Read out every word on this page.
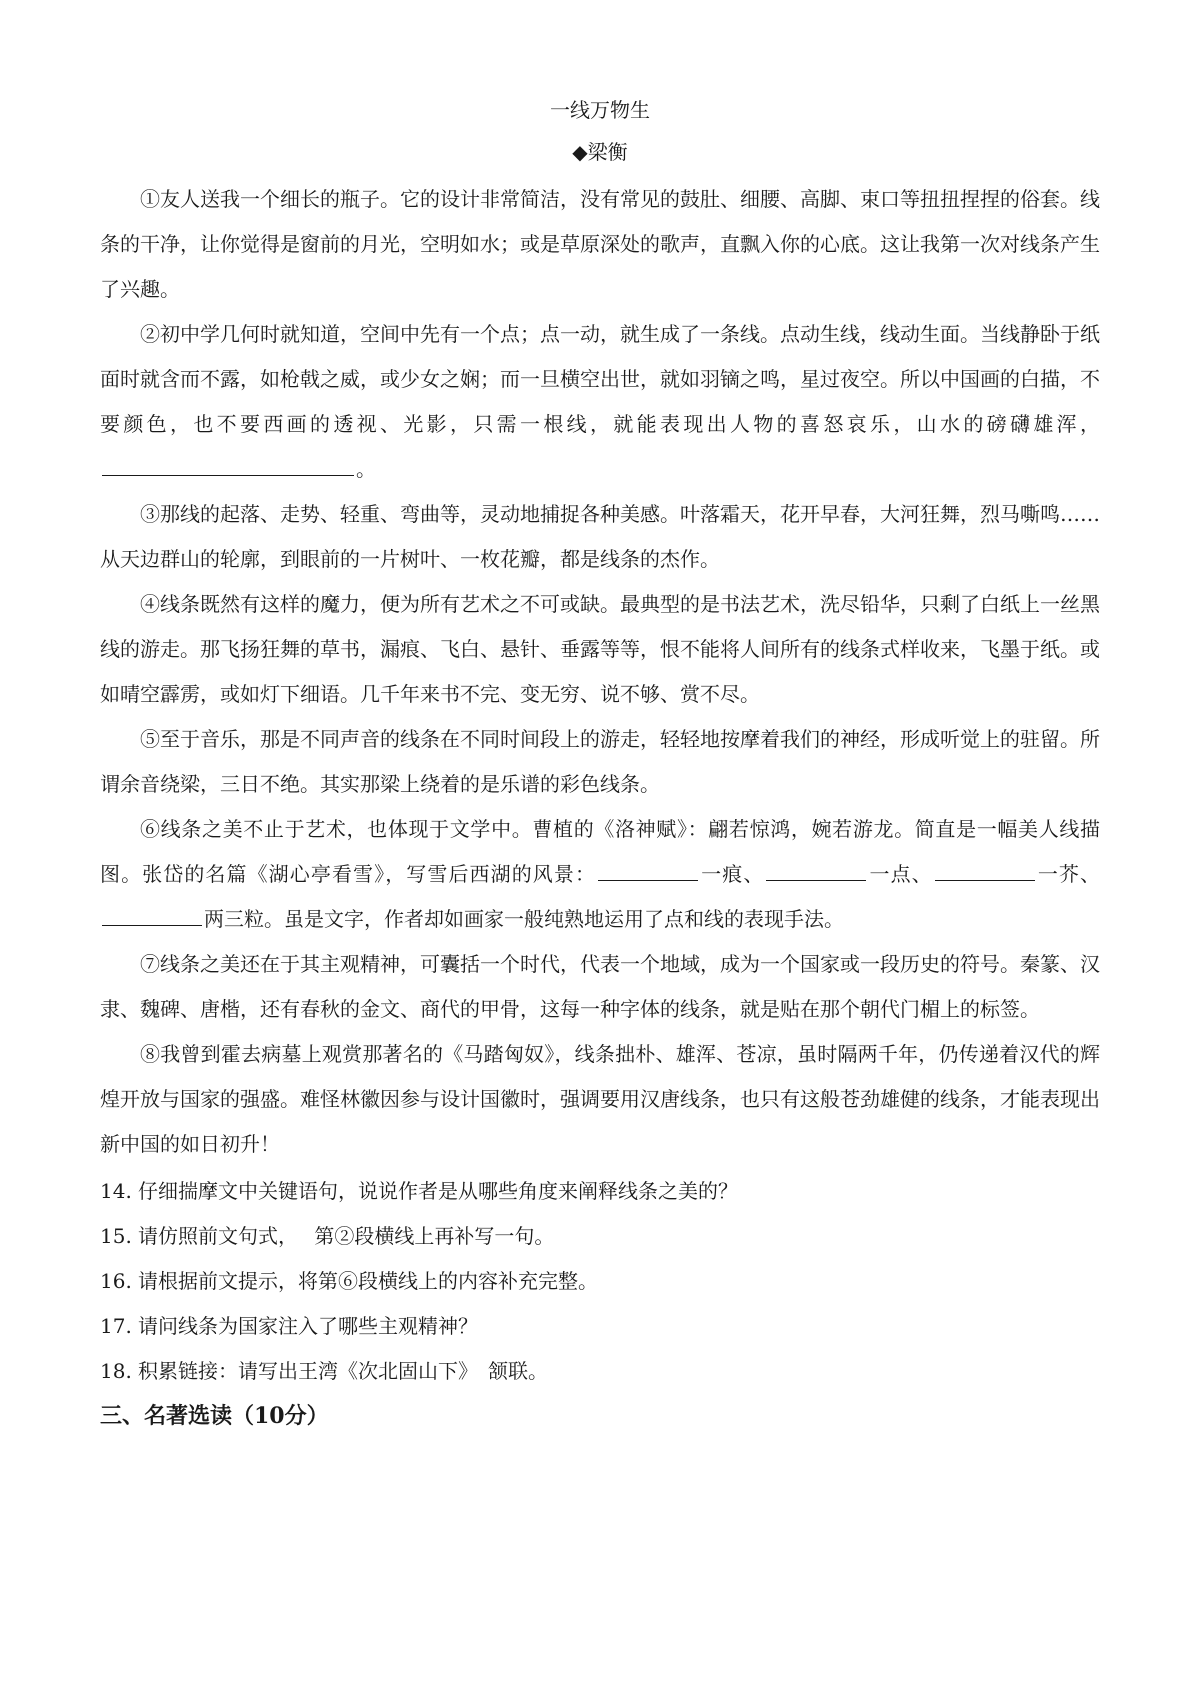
一线万物生
◆梁衡

①友人送我一个细长的瓶子。它的设计非常简洁，没有常见的鼓肚、细腰、高脚、束口等扭扭捏捏的俗套。线条的干净，让你觉得是窗前的月光，空明如水；或是草原深处的歌声，直飘入你的心底。这让我第一次对线条产生了兴趣。

②初中学几何时就知道，空间中先有一个点；点一动，就生成了一条线。点动生线，线动生面。当线静卧于纸面时就含而不露，如枪戟之威，或少女之娴；而一旦横空出世，就如羽镝之鸣，星过夜空。所以中国画的白描，不要颜色，也不要西画的透视、光影，只需一根线，就能表现出人物的喜怒哀乐，山水的磅礴雄浑，。

③那线的起落、走势、轻重、弯曲等，灵动地捕捉各种美感。叶落霜天，花开早春，大河狂舞，烈马嘶鸣……从天边群山的轮廓，到眼前的一片树叶、一枚花瓣，都是线条的杰作。

④线条既然有这样的魔力，便为所有艺术之不可或缺。最典型的是书法艺术，洗尽铅华，只剩了白纸上一丝黑线的游走。那飞扬狂舞的草书，漏痕、飞白、悬针、垂露等等，恨不能将人间所有的线条式样收来，飞墨于纸。或如晴空霹雳，或如灯下细语。几千年来书不完、变无穷、说不够、赏不尽。

⑤至于音乐，那是不同声音的线条在不同时间段上的游走，轻轻地按摩着我们的神经，形成听觉上的驻留。所谓余音绕梁，三日不绝。其实那梁上绕着的是乐谱的彩色线条。

⑥线条之美不止于艺术，也体现于文学中。曹植的《洛神赋》：翩若惊鸿，婉若游龙。简直是一幅美人线描图。张岱的名篇《湖心亭看雪》，写雪后西湖的风景：	一痕、	一点、	一芥、两三粒。虽是文字，作者却如画家一般纯熟地运用了点和线的表现手法。

⑦线条之美还在于其主观精神，可囊括一个时代，代表一个地域，成为一个国家或一段历史的符号。秦篆、汉隶、魏碑、唐楷，还有春秋的金文、商代的甲骨，这每一种字体的线条，就是贴在那个朝代门楣上的标签。

⑧我曾到霍去病墓上观赏那著名的《马踏匈奴》，线条拙朴、雄浑、苍凉，虽时隔两千年，仍传递着汉代的辉煌开放与国家的强盛。难怪林徽因参与设计国徽时，强调要用汉唐线条，也只有这般苍劲雄健的线条，才能表现出新中国的如日初升！

14. 仔细揣摩文中关键语句，说说作者是从哪些角度来阐释线条之美的？

15. 请仿照前文句式，　 第②段横线上再补写一句。

16. 请根据前文提示，将第⑥段横线上的内容补充完整。

17. 请问线条为国家注入了哪些主观精神？

18. 积累链接：请写出王湾《次北固山下》　颔联。

三、名著选读（10分）
